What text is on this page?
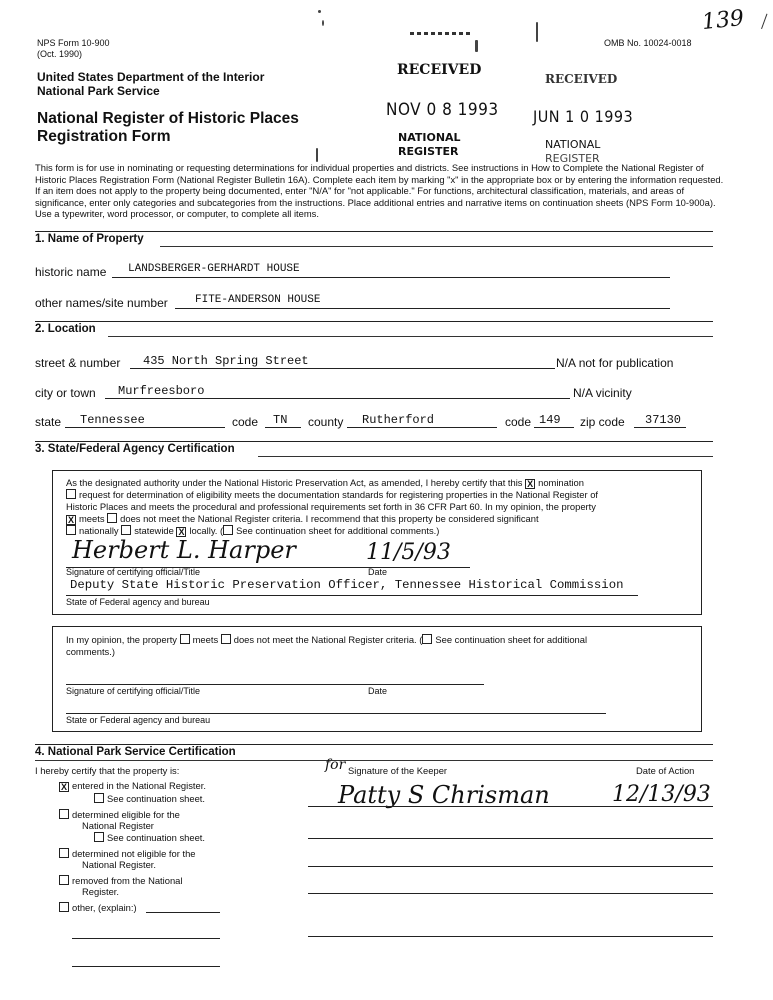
NPS Form 10-900
(Oct. 1990)
OMB No. 10024-0018
139
United States Department of the Interior
National Park Service
National Register of Historic Places
Registration Form
RECEIVED
NOV 0 8 1993
NATIONAL
REGISTER
RECEIVED
JUN 1 0 1993
NATIONAL
REGISTER
This form is for use in nominating or requesting determinations for individual properties and districts. See instructions in How to Complete the National Register of Historic Places Registration Form (National Register Bulletin 16A). Complete each item by marking "x" in the appropriate box or by entering the information requested. If an item does not apply to the property being documented, enter "N/A" for "not applicable." For functions, architectural classification, materials, and areas of significance, enter only categories and subcategories from the instructions. Place additional entries and narrative items on continuation sheets (NPS Form 10-900a). Use a typewriter, word processor, or computer, to complete all items.
1. Name of Property
historic name LANDSBERGER-GERHARDT HOUSE
other names/site number FITE-ANDERSON HOUSE
2. Location
street & number 435 North Spring Street	N/A not for publication
city or town Murfreesboro	N/A vicinity
state Tennessee	code TN county Rutherford	code 149 zip code 37130
3. State/Federal Agency Certification
As the designated authority under the National Historic Preservation Act, as amended, I hereby certify that this X nomination
request for determination of eligibility meets the documentation standards for registering properties in the National Register of
Historic Places and meets the procedural and professional requirements set forth in 36 CFR Part 60. In my opinion, the property
X meets does not meet the National Register criteria. I recommend that this property be considered significant
nationally statewide X locally. ( See continuation sheet for additional comments.)
Herbert L. Harper	11/5/93
Signature of certifying official/Title	Date
Deputy State Historic Preservation Officer, Tennessee Historical Commission
State of Federal agency and bureau
In my opinion, the property meets does not meet the National Register criteria. ( See continuation sheet for additional
comments.)
Signature of certifying official/Title	Date
State or Federal agency and bureau
4. National Park Service Certification
I hereby certify that the property is:	Signature of the Keeper	Date of Action
for
Patty S Chrisman	12/13/93
X entered in the National Register.
See continuation sheet.
determined eligible for the
National Register
See continuation sheet.
determined not eligible for the
National Register.
removed from the National
Register.
other, (explain:)
